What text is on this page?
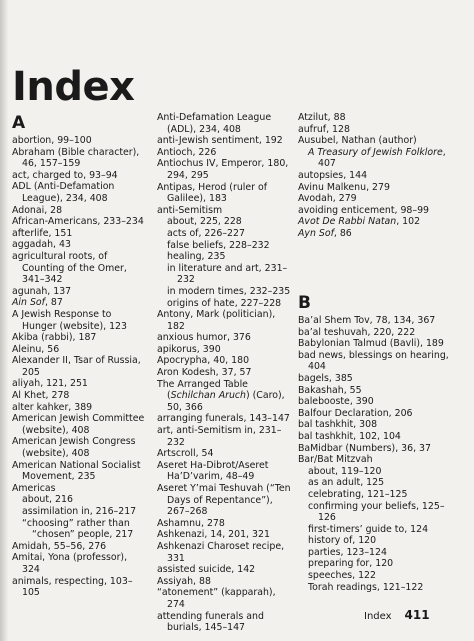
Index
A

abortion, 99–100

Abraham (Bible character), 46, 157–159

act, charged to, 93–94

ADL (Anti-Defamation League), 234, 408

Adonai, 28

African-Americans, 233–234

afterlife, 151

aggadah, 43

agricultural roots, of Counting of the Omer, 341–342

agunah, 137

Ain Sof, 87

A Jewish Response to Hunger (website), 123

Akiba (rabbi), 187

Aleinu, 56

Alexander II, Tsar of Russia, 205

aliyah, 121, 251

Al Khet, 278

alter kahker, 389

American Jewish Committee (website), 408

American Jewish Congress (website), 408

American National Socialist Movement, 235

Americas

about, 216

assimilation in, 216–217

“choosing” rather than “chosen” people, 217

Amidah, 55–56, 276

Amitai, Yona (professor), 324

animals, respecting, 103–105

Anti-Defamation League (ADL), 234, 408

anti-Jewish sentiment, 192

Antioch, 226

Antiochus IV, Emperor, 180, 294, 295

Antipas, Herod (ruler of Galilee), 183

anti-Semitism

about, 225, 228

acts of, 226–227

false beliefs, 228–232

healing, 235

in literature and art, 231–232

in modern times, 232–235

origins of hate, 227–228

Antony, Mark (politician), 182

anxious humor, 376

apikorus, 390

Apocrypha, 40, 180

Aron Kodesh, 37, 57

The Arranged Table (Schilchan Aruch) (Caro), 50, 366

arranging funerals, 143–147

art, anti-Semitism in, 231–232

Artscroll, 54

Aseret Ha-Dibrot/Aseret Ha’D’varim, 48–49

Aseret Y’mai Teshuvah (“Ten Days of Repentance”), 267–268

Ashamnu, 278

Ashkenazi, 14, 201, 321

Ashkenazi Charoset recipe, 331

assisted suicide, 142

Assiyah, 88

“atonement” (kapparah), 274

attending funerals and burials, 145–147

Atzilut, 88

aufruf, 128

Ausubel, Nathan (author)

A Treasury of Jewish Folklore, 407

autopsies, 144

Avinu Malkenu, 279

Avodah, 279

avoiding enticement, 98–99

Avot De Rabbi Natan, 102

Ayn Sof, 86

B

Ba’al Shem Tov, 78, 134, 367

ba’al teshuvah, 220, 222

Babylonian Talmud (Bavli), 189

bad news, blessings on hearing, 404

bagels, 385

Bakashah, 55

balebooste, 390

Balfour Declaration, 206

bal tashkhit, 308

bal tashkhit, 102, 104

BaMidbar (Numbers), 36, 37

Bar/Bat Mitzvah

about, 119–120

as an adult, 125

celebrating, 121–125

confirming your beliefs, 125–126

first-timers’ guide to, 124

history of, 120

parties, 123–124

preparing for, 120

speeches, 122

Torah readings, 121–122

Index 411
